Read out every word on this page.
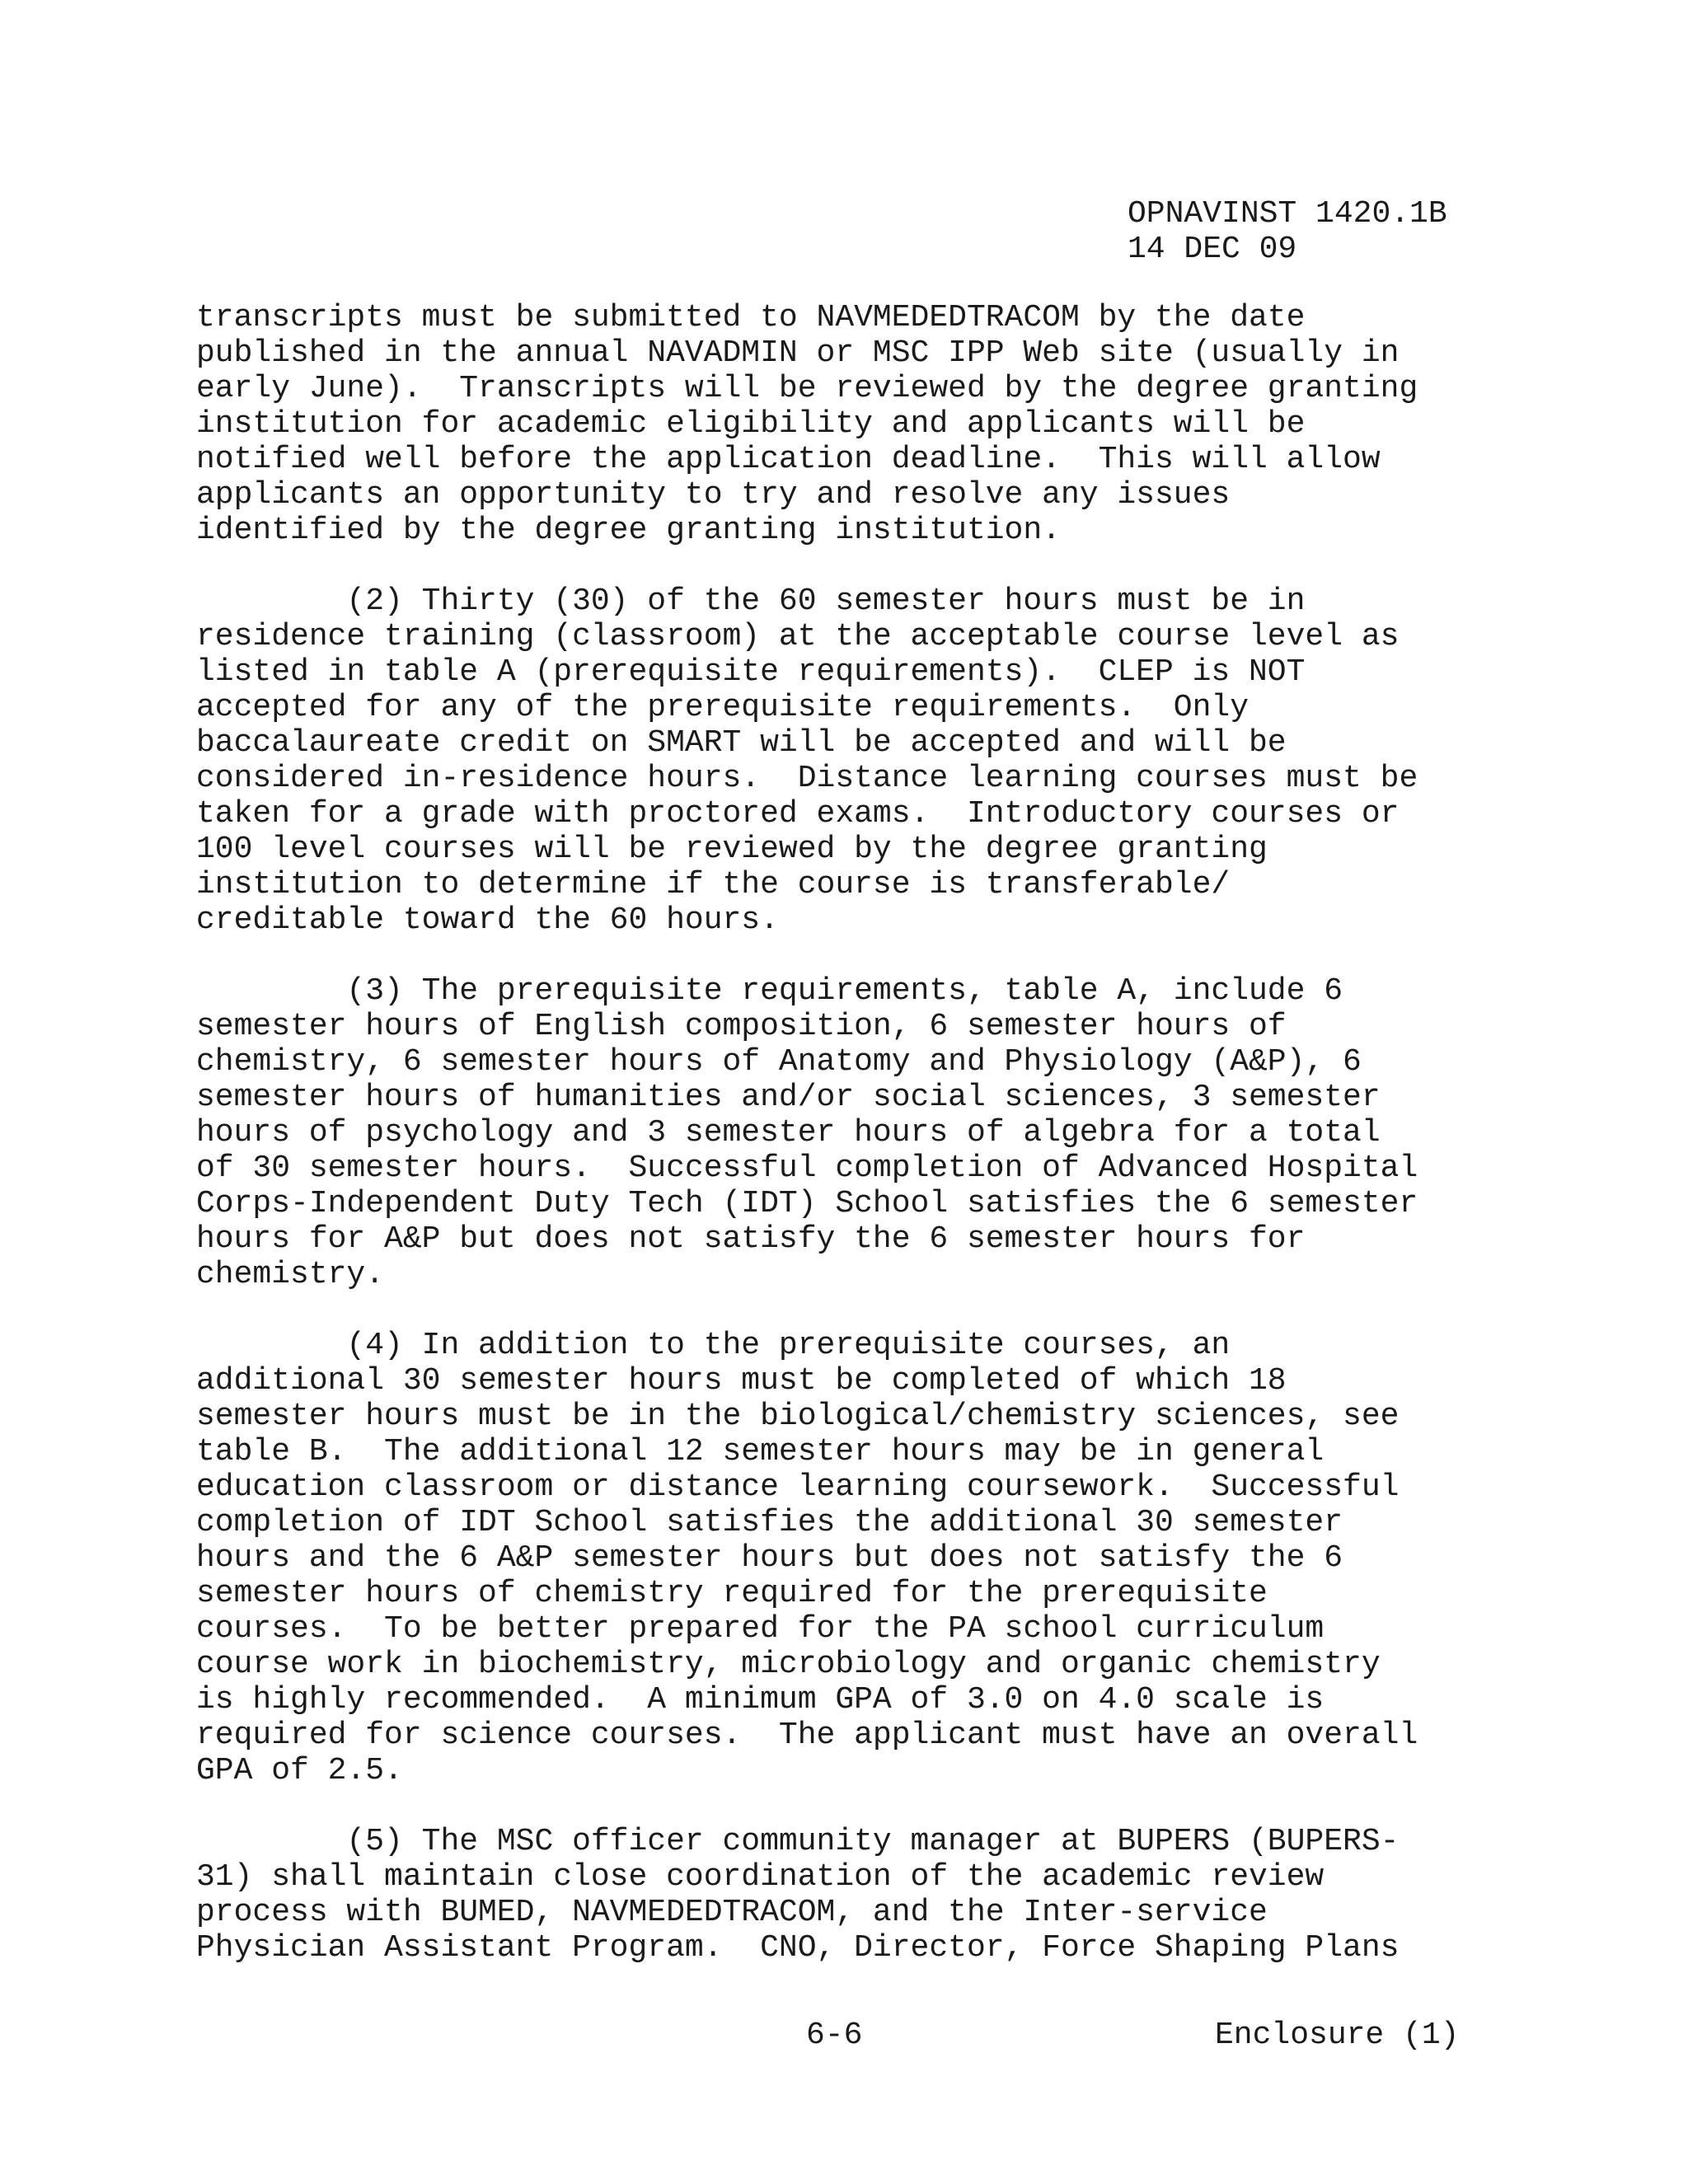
OPNAVINST 1420.1B
14 DEC 09
transcripts must be submitted to NAVMEDEDTRACOM by the date
published in the annual NAVADMIN or MSC IPP Web site (usually in
early June).  Transcripts will be reviewed by the degree granting
institution for academic eligibility and applicants will be
notified well before the application deadline.  This will allow
applicants an opportunity to try and resolve any issues
identified by the degree granting institution.
(2) Thirty (30) of the 60 semester hours must be in
residence training (classroom) at the acceptable course level as
listed in table A (prerequisite requirements).  CLEP is NOT
accepted for any of the prerequisite requirements.  Only
baccalaureate credit on SMART will be accepted and will be
considered in-residence hours.  Distance learning courses must be
taken for a grade with proctored exams.  Introductory courses or
100 level courses will be reviewed by the degree granting
institution to determine if the course is transferable/
creditable toward the 60 hours.
(3) The prerequisite requirements, table A, include 6
semester hours of English composition, 6 semester hours of
chemistry, 6 semester hours of Anatomy and Physiology (A&P), 6
semester hours of humanities and/or social sciences, 3 semester
hours of psychology and 3 semester hours of algebra for a total
of 30 semester hours.  Successful completion of Advanced Hospital
Corps-Independent Duty Tech (IDT) School satisfies the 6 semester
hours for A&P but does not satisfy the 6 semester hours for
chemistry.
(4) In addition to the prerequisite courses, an
additional 30 semester hours must be completed of which 18
semester hours must be in the biological/chemistry sciences, see
table B.  The additional 12 semester hours may be in general
education classroom or distance learning coursework.  Successful
completion of IDT School satisfies the additional 30 semester
hours and the 6 A&P semester hours but does not satisfy the 6
semester hours of chemistry required for the prerequisite
courses.  To be better prepared for the PA school curriculum
course work in biochemistry, microbiology and organic chemistry
is highly recommended.  A minimum GPA of 3.0 on 4.0 scale is
required for science courses.  The applicant must have an overall
GPA of 2.5.
(5) The MSC officer community manager at BUPERS (BUPERS-
31) shall maintain close coordination of the academic review
process with BUMED, NAVMEDEDTRACOM, and the Inter-service
Physician Assistant Program.  CNO, Director, Force Shaping Plans
6-6	Enclosure (1)
